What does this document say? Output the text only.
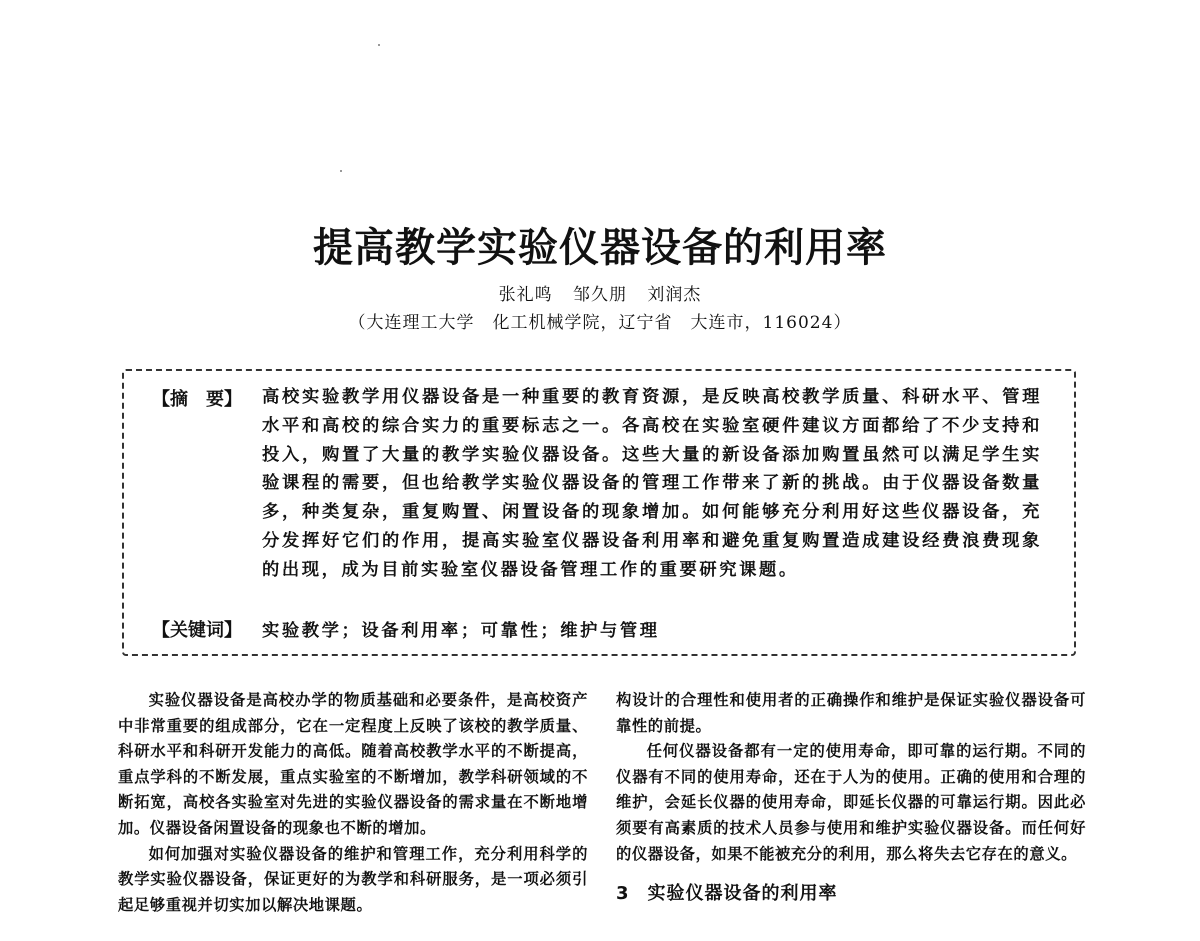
提高教学实验仪器设备的利用率
张礼鸣 邹久朋 刘润杰
（大连理工大学　化工机械学院，辽宁省　大连市，116024）
【摘　要】 高校实验教学用仪器设备是一种重要的教育资源，是反映高校教学质量、科研水平、管理水平和高校的综合实力的重要标志之一。各高校在实验室硬件建议方面都给了不少支持和投入，购置了大量的教学实验仪器设备。这些大量的新设备添加购置虽然可以满足学生实验课程的需要，但也给教学实验仪器设备的管理工作带来了新的挑战。由于仪器设备数量多，种类复杂，重复购置、闲置设备的现象增加。如何能够充分利用好这些仪器设备，充分发挥好它们的作用，提高实验室仪器设备利用率和避免重复购置造成建设经费浪费现象的出现，成为目前实验室仪器设备管理工作的重要研究课题。
【关键词】 实验教学；设备利用率；可靠性；维护与管理

实验仪器设备是高校办学的物质基础和必要条件，是高校资产中非常重要的组成部分，它在一定程度上反映了该校的教学质量、科研水平和科研开发能力的高低。随着高校教学水平的不断提高，重点学科的不断发展，重点实验室的不断增加，教学科研领域的不断拓宽，高校各实验室对先进的实验仪器设备的需求量在不断地增加。仪器设备闲置设备的现象也不断的增加。

如何加强对实验仪器设备的维护和管理工作，充分利用科学的教学实验仪器设备，保证更好的为教学和科研服务，是一项必须引起足够重视并切实加以解决地课题。

构设计的合理性和使用者的正确操作和维护是保证实验仪器设备可靠性的前提。

任何仪器设备都有一定的使用寿命，即可靠的运行期。不同的仪器有不同的使用寿命，还在于人为的使用。正确的使用和合理的维护，会延长仪器的使用寿命，即延长仪器的可靠运行期。因此必须要有高素质的技术人员参与使用和维护实验仪器设备。而任何好的仪器设备，如果不能被充分的利用，那么将失去它存在的意义。

3 实验仪器设备的利用率
